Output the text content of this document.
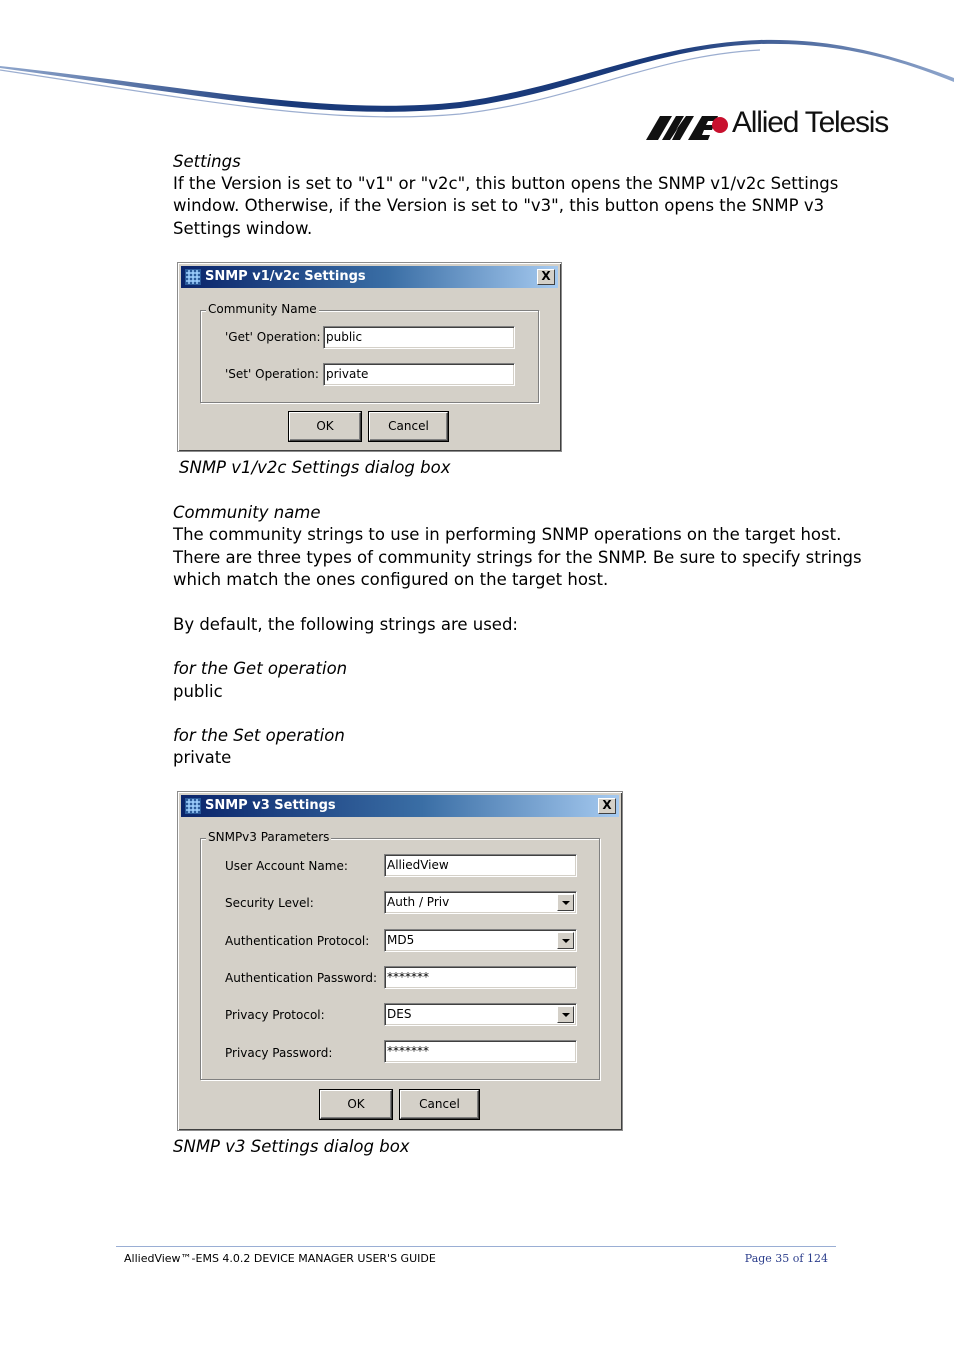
Allied Telesis
Settings
If the Version is set to "v1" or "v2c", this button opens the SNMP v1/v2c Settings
window. Otherwise, if the Version is set to "v3", this button opens the SNMP v3
Settings window.
SNMP v1/v2c Settings	X
Community Name
'Get' Operation: public
'Set' Operation: private
OK	Cancel
SNMP v1/v2c Settings dialog box
Community name
The community strings to use in performing SNMP operations on the target host.
There are three types of community strings for the SNMP. Be sure to specify strings
which match the ones configured on the target host.
By default, the following strings are used:
for the Get operation
public
for the Set operation
private
SNMP v3 Settings	X
SNMPv3 Parameters
User Account Name:	AlliedView
Security Level:	Auth / Priv
Authentication Protocol: MD5
Authentication Password: *******
Privacy Protocol:	DES
Privacy Password:	*******
OK	Cancel
SNMP v3 Settings dialog box
AlliedView™-EMS 4.0.2 DEVICE MANAGER USER'S GUIDE	Page 35 of 124
